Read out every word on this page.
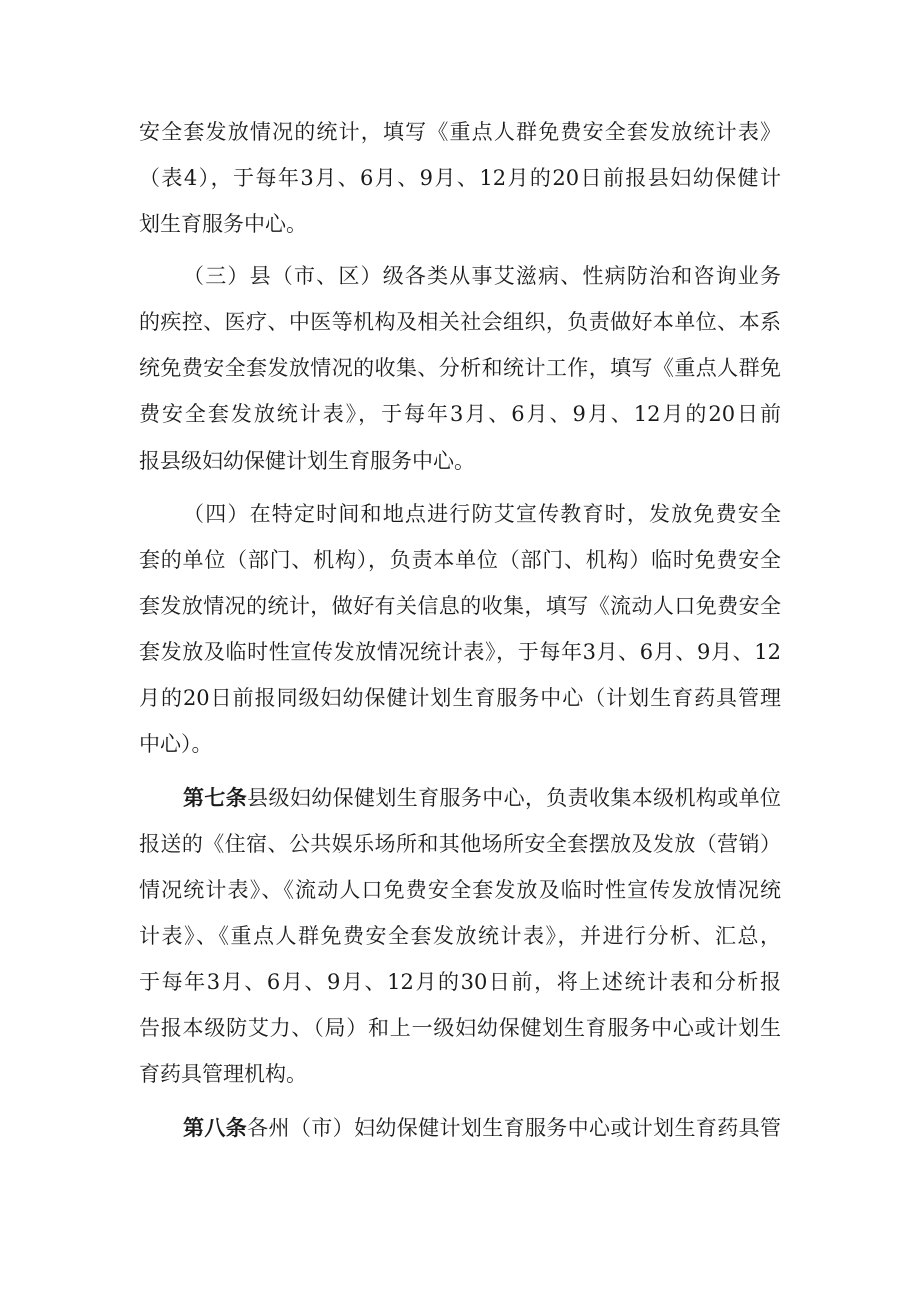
安全套发放情况的统计，填写《重点人群免费安全套发放统计表》

（表4），于每年3月、6月、9月、12月的20日前报县妇幼保健计

划生育服务中心。

（三）县（市、区）级各类从事艾滋病、性病防治和咨询业务

的疾控、医疗、中医等机构及相关社会组织，负责做好本单位、本系

统免费安全套发放情况的收集、分析和统计工作，填写《重点人群免

费安全套发放统计表》，于每年3月、6月、9月、12月的20日前

报县级妇幼保健计划生育服务中心。

（四）在特定时间和地点进行防艾宣传教育时，发放免费安全

套的单位（部门、机构），负责本单位（部门、机构）临时免费安全

套发放情况的统计，做好有关信息的收集，填写《流动人口免费安全

套发放及临时性宣传发放情况统计表》，于每年3月、6月、9月、12

月的20日前报同级妇幼保健计划生育服务中心（计划生育药具管理

中心）。

第七条县级妇幼保健划生育服务中心，负责收集本级机构或单位

报送的《住宿、公共娱乐场所和其他场所安全套摆放及发放（营销）

情况统计表》、《流动人口免费安全套发放及临时性宣传发放情况统

计表》、《重点人群免费安全套发放统计表》，并进行分析、汇总，

于每年3月、6月、9月、12月的30日前，将上述统计表和分析报

告报本级防艾力、（局）和上一级妇幼保健划生育服务中心或计划生

育药具管理机构。

第八条各州（市）妇幼保健计划生育服务中心或计划生育药具管
